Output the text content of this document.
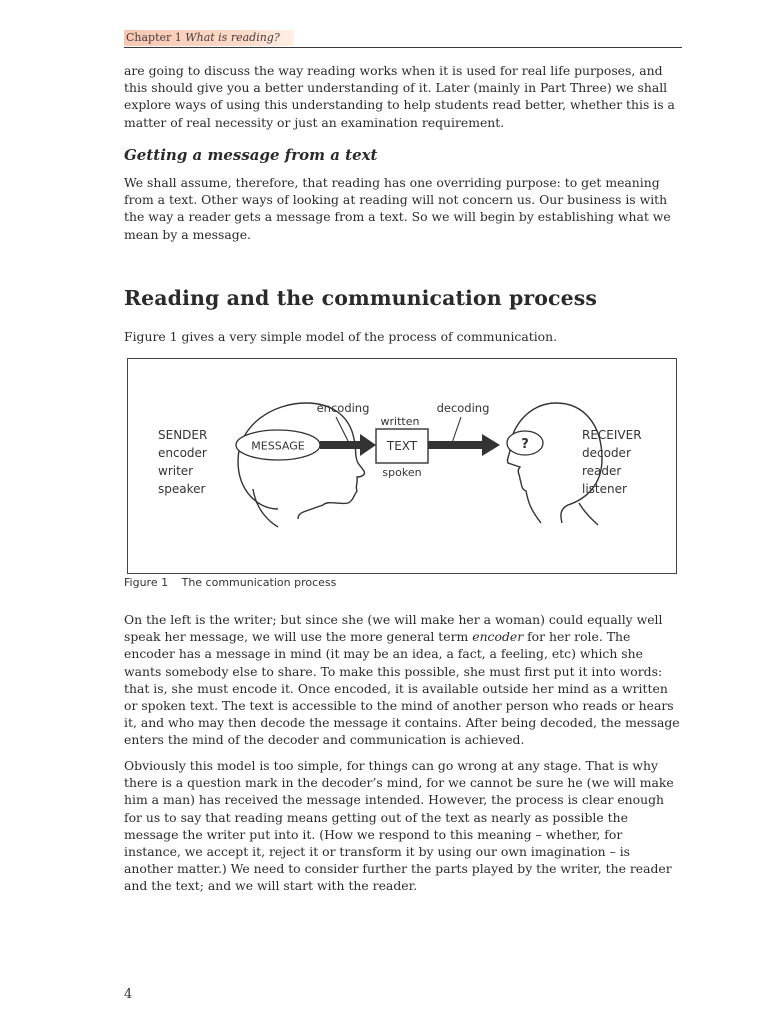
Chapter 1 What is reading?

are going to discuss the way reading works when it is used for real life purposes, and this should give you a better understanding of it. Later (mainly in Part Three) we shall explore ways of using this understanding to help students read better, whether this is a matter of real necessity or just an examination requirement.

Getting a message from a text

We shall assume, therefore, that reading has one overriding purpose: to get meaning from a text. Other ways of looking at reading will not concern us. Our business is with the way a reader gets a message from a text. So we will begin by establishing what we mean by a message.

Reading and the communication process

Figure 1 gives a very simple model of the process of communication.

MESSAGE	TEXT
written
spoken
?
encoding	decoding
SENDER
encoder
writer
speaker
RECEIVER
decoder
reader
listener
Figure 1 The communication process

On the left is the writer; but since she (we will make her a woman) could equally well speak her message, we will use the more general term encoder for her role. The encoder has a message in mind (it may be an idea, a fact, a feeling, etc) which she wants somebody else to share. To make this possible, she must first put it into words: that is, she must encode it. Once encoded, it is available outside her mind as a written or spoken text. The text is accessible to the mind of another person who reads or hears it, and who may then decode the message it contains. After being decoded, the message enters the mind of the decoder and communication is achieved.

Obviously this model is too simple, for things can go wrong at any stage. That is why there is a question mark in the decoder’s mind, for we cannot be sure he (we will make him a man) has received the message intended. However, the process is clear enough for us to say that reading means getting out of the text as nearly as possible the message the writer put into it. (How we respond to this meaning – whether, for instance, we accept it, reject it or transform it by using our own imagination – is another matter.) We need to consider further the parts played by the writer, the reader and the text; and we will start with the reader.

4
